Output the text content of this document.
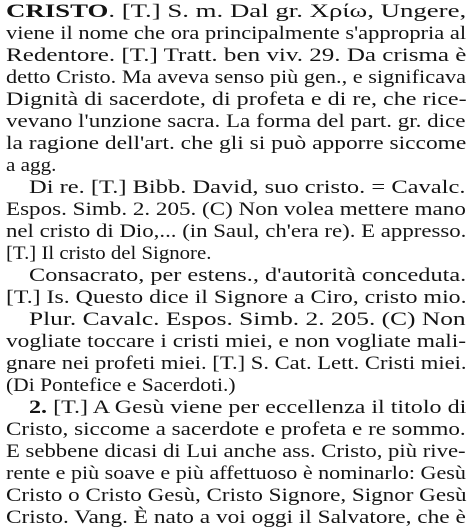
CRISTO. [T.] S. m. Dal gr. Χρίω, Ungere,
viene il nome che ora principalmente s'appropria al
Redentore. [T.] Tratt. ben viv. 29. Da crisma è
detto Cristo. Ma aveva senso più gen., e significava
Dignità di sacerdote, di profeta e di re, che rice-
vevano l'unzione sacra. La forma del part. gr. dice
la ragione dell'art. che gli si può apporre siccome
a agg.
Di re. [T.] Bibb. David, suo cristo. = Cavalc.
Espos. Simb. 2. 205. (C) Non volea mettere mano
nel cristo di Dio,... (in Saul, ch'era re). E appresso.
[T.] Il cristo del Signore.
Consacrato, per estens., d'autorità conceduta.
[T.] Is. Questo dice il Signore a Ciro, cristo mio.
Plur. Cavalc. Espos. Simb. 2. 205. (C) Non
vogliate toccare i cristi miei, e non vogliate mali-
gnare nei profeti miei. [T.] S. Cat. Lett. Cristi miei.
(Di Pontefice e Sacerdoti.)
2. [T.] A Gesù viene per eccellenza il titolo di
Cristo, siccome a sacerdote e profeta e re sommo.
E sebbene dicasi di Lui anche ass. Cristo, più rive-
rente e più soave e più affettuoso è nominarlo: Gesù
Cristo o Cristo Gesù, Cristo Signore, Signor Gesù
Cristo. Vang. È nato a voi oggi il Salvatore, che è
